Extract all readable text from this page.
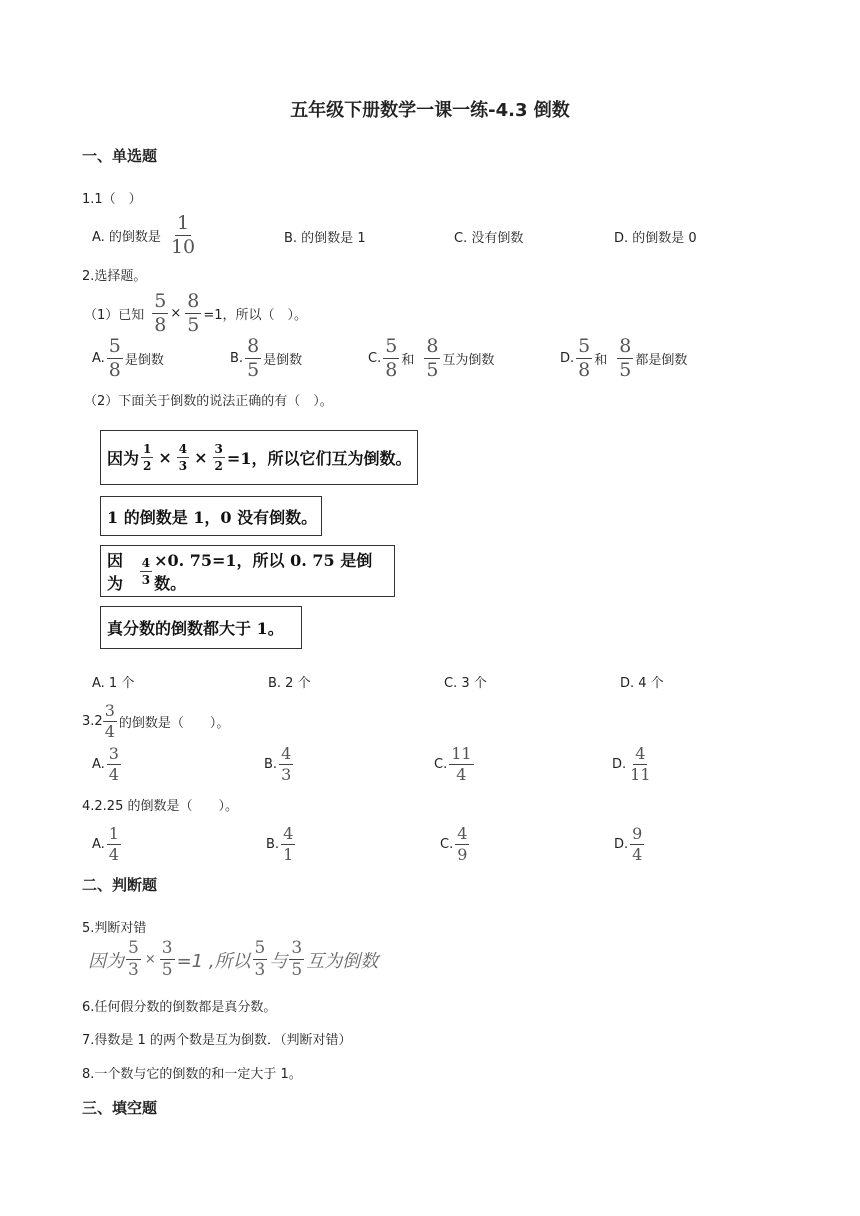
五年级下册数学一课一练-4.3 倒数
一、单选题
1.1（　）
A. 的倒数是 $\frac{1}{10}$	B. 的倒数是 1	C. 没有倒数	D. 的倒数是 0
2.选择题。
（1）已知 $\frac{5}{8} \times \frac{8}{5} =1$，所以（　）。
A. $\frac{5}{8}$ 是倒数	B. $\frac{8}{5}$ 是倒数	C. $\frac{5}{8}$ 和 $\frac{8}{5}$ 互为倒数	D. $\frac{5}{8}$ 和 $\frac{8}{5}$ 都是倒数
（2）下面关于倒数的说法正确的有（　）。
因为 $\frac{1}{2} \times \frac{4}{3} \times \frac{3}{2} =1$，所以它们互为倒数。
1 的倒数是 1，0 没有倒数。
因为	$\frac{4}{3} \times 0$. 75=1，所以 0. 75 是倒数。
真分数的倒数都大于 1。
A. 1 个	B. 2 个	C. 3 个	D. 4 个
$3.2 \frac{3}{4}$ 的倒数是（　　）。
A. $\frac{3}{4}$	B. $\frac{4}{3}$	C. $\frac{11}{4}$	D. $\frac{4}{11}$
4.2.25 的倒数是（　　）。
A. $\frac{1}{4}$	B. $\frac{4}{1}$	C. $\frac{4}{9}$	D. $\frac{9}{4}$
二、判断题
5.判断对错
因为 $\frac{5}{3} \times \frac{3}{5} =1$ ,所以 $\frac{5}{3}$ 与 $\frac{3}{5}$ 互为倒数
6.任何假分数的倒数都是真分数。
7.得数是 1 的两个数是互为倒数．（判断对错）
8.一个数与它的倒数的和一定大于 1。
三、填空题
